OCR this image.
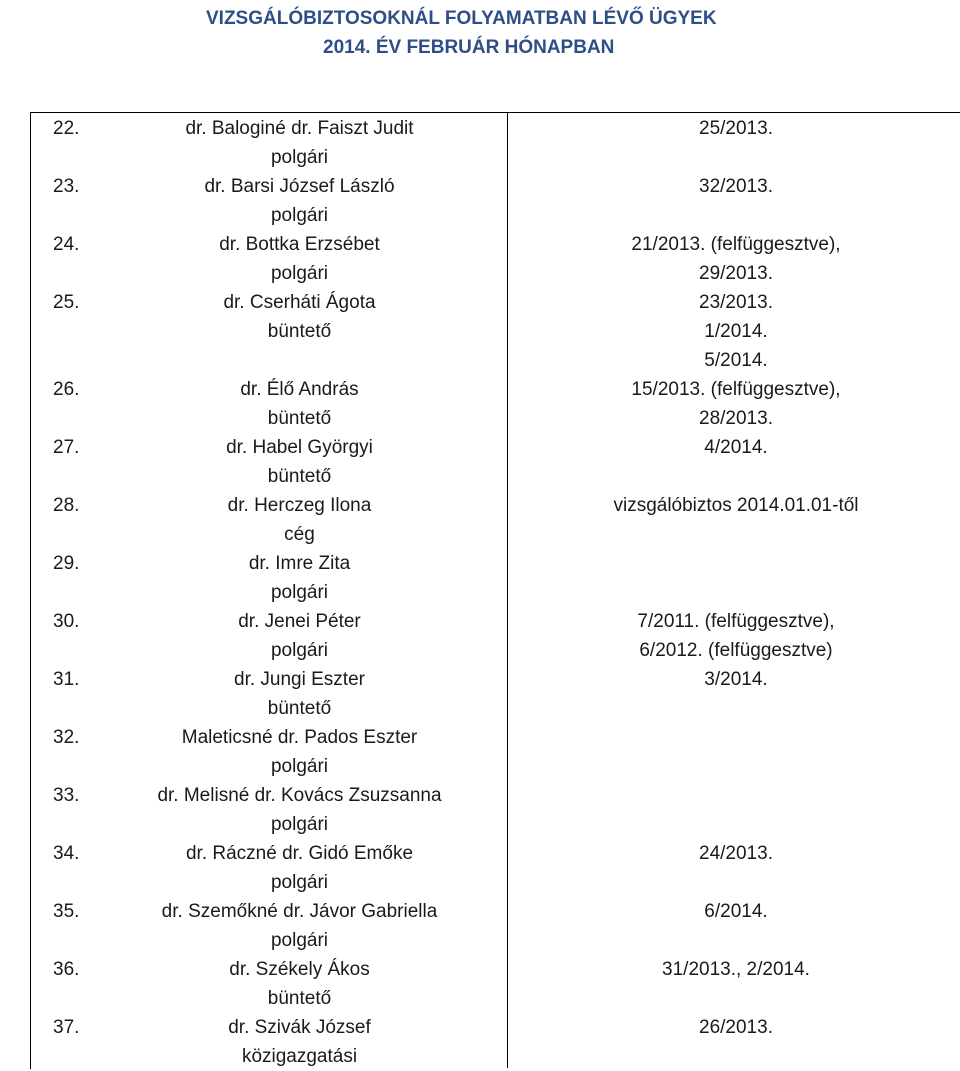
VIZSGÁLÓBIZTOSOKNÁL FOLYAMATBAN LÉVŐ ÜGYEK
2014. ÉV FEBRUÁR HÓNAPBAN
22.	dr. Baloginé dr. Faiszt Judit
polgári
25/2013.
23.	dr. Barsi József László
polgári
32/2013.
24.	dr. Bottka Erzsébet
polgári
21/2013. (felfüggesztve),
29/2013.
25.	dr. Cserháti Ágota
büntető
23/2013.
1/2014.
5/2014.
26.	dr. Élő András
büntető
15/2013. (felfüggesztve),
28/2013.
27.	dr. Habel Györgyi
büntető
4/2014.
28.	dr. Herczeg Ilona
cég
vizsgálóbiztos 2014.01.01-től
29.	dr. Imre Zita
polgári
30.	dr. Jenei Péter
polgári
7/2011. (felfüggesztve),
6/2012. (felfüggesztve)
31.	dr. Jungi Eszter
büntető
3/2014.
32.	Maleticsné dr. Pados Eszter
polgári
33.	dr. Melisné dr. Kovács Zsuzsanna
polgári
34.	dr. Ráczné dr. Gidó Emőke
polgári
24/2013.
35.	dr. Szemőkné dr. Jávor Gabriella
polgári
6/2014.
36.	dr. Székely Ákos
büntető
31/2013., 2/2014.
37.	dr. Szivák József
közigazgatási
26/2013.
